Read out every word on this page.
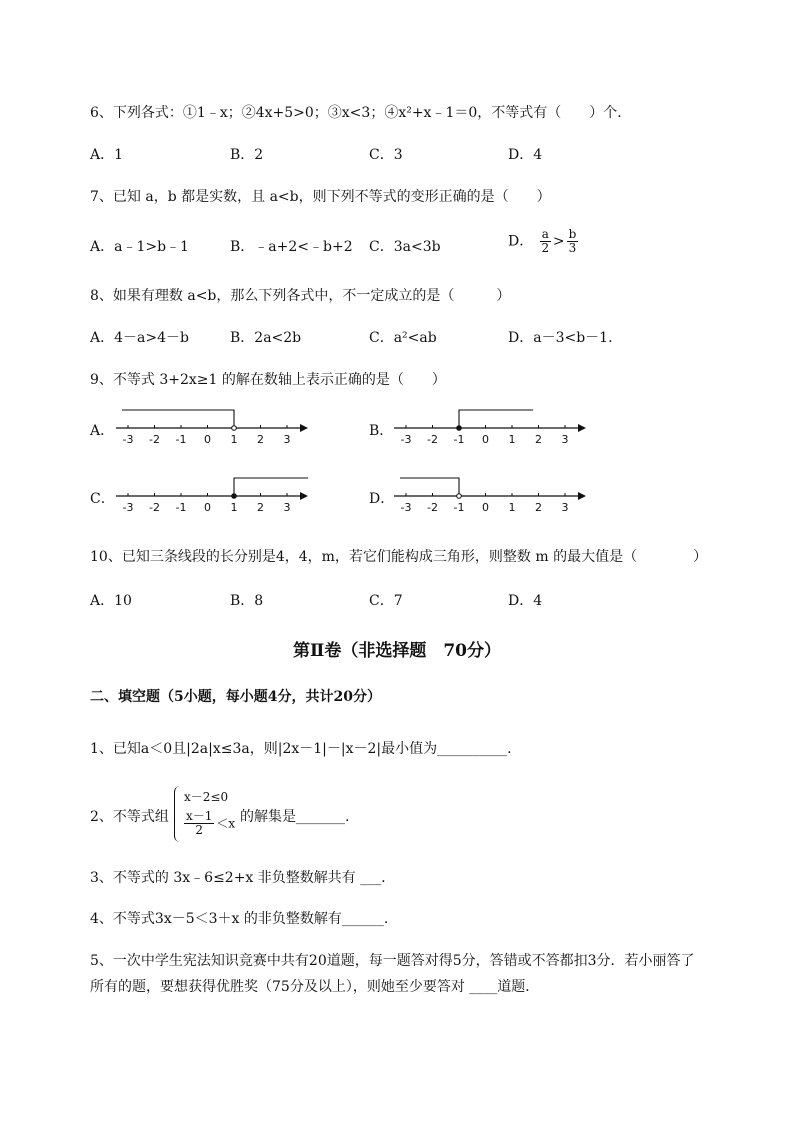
6、下列各式：①1﹣x；②4x+5>0；③x<3；④x²+x﹣1＝0，不等式有（　　）个．
A．1	B．2	C．3	D．4
7、已知 a，b 都是实数，且 a<b，则下列不等式的变形正确的是（　　）
A．a﹣1>b﹣1	B．﹣a+2<﹣b+2 C．3a<3b	D． $\frac{a}{2} > \frac{b}{3}$
8、如果有理数 a<b，那么下列各式中，不一定成立的是（　　　）
A．4－a>4－b	B．2a<2b	C．a²<ab	D．a－3<b－1.
9、不等式 3+2x≥1 的解在数轴上表示正确的是（　　）
A．	B．
C．	D．
-3 -2 -1 0 1 2 3	-3 -2 -1 0 1 2 3
-3 -2 -1 0 1 2 3	-3 -2 -1 0 1 2 3
10、已知三条线段的长分别是4，4，m，若它们能构成三角形，则整数 m 的最大值是（　　　　）
A．10	B．8	C．7	D．4
第Ⅱ卷（非选择题　70分）
二、填空题（5小题，每小题4分，共计20分）
1、已知a＜0且|2a|x≤3a，则|2x－1|－|x－2|最小值为__________.
2、不等式组
x－2≤0
$\frac{x-1}{2} <x$ 的解集是_______.
3、不等式的 3x﹣6≤2+x 非负整数解共有 ___．
4、不等式3x－5＜3＋x 的非负整数解有______.
5、一次中学生宪法知识竞赛中共有20道题，每一题答对得5分，答错或不答都扣3分．若小丽答了
所有的题，要想获得优胜奖（75分及以上），则她至少要答对 ____道题．
